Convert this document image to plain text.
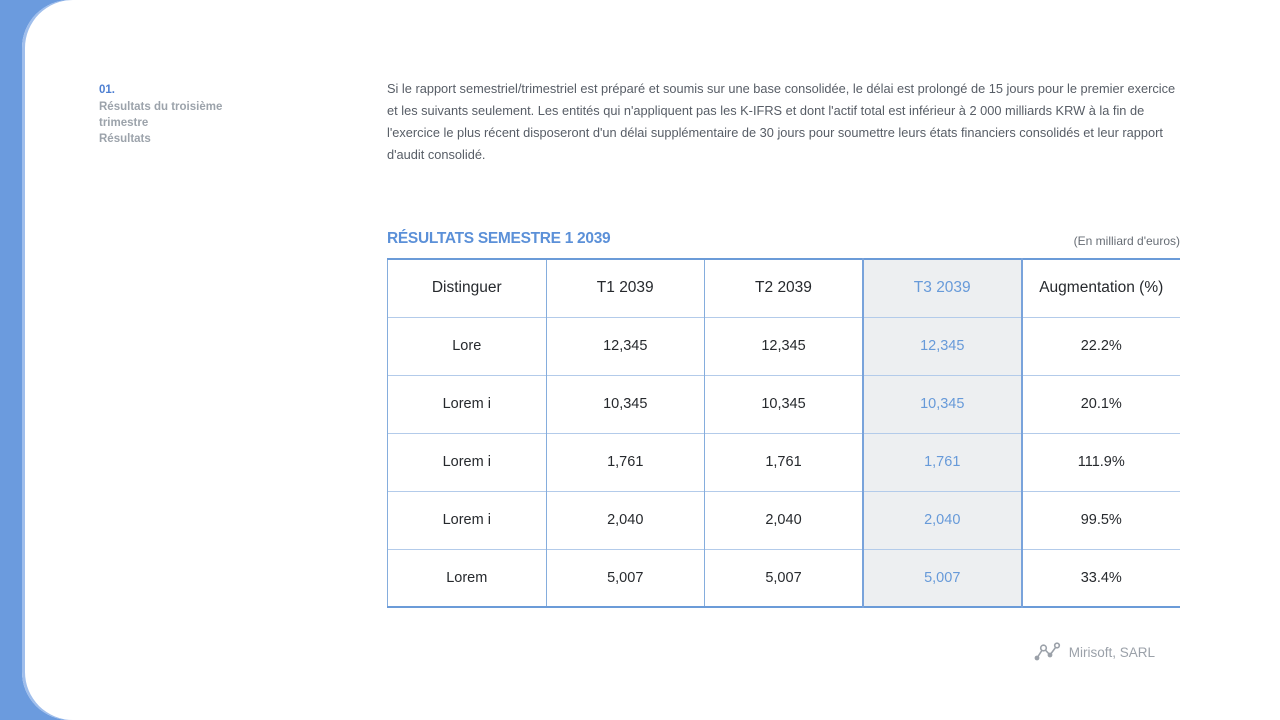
01.
Résultats du troisième
trimestre
Résultats

Si le rapport semestriel/trimestriel est préparé et soumis sur une base consolidée, le délai est prolongé de 15 jours pour le premier exercice et les suivants seulement. Les entités qui n'appliquent pas les K-IFRS et dont l'actif total est inférieur à 2 000 milliards KRW à la fin de l'exercice le plus récent disposeront d'un délai supplémentaire de 30 jours pour soumettre leurs états financiers consolidés et leur rapport d'audit consolidé.

RÉSULTATS SEMESTRE 1 2039	(En milliard d'euros)
Distinguer	T1 2039	T2 2039	T3 2039	Augmentation (%)
Lore	12,345	12,345	12,345	22.2%
Lorem i	10,345	10,345	10,345	20.1%
Lorem i	1,761	1,761	1,761	111.9%
Lorem i	2,040	2,040	2,040	99.5%
Lorem	5,007	5,007	5,007	33.4%
Mirisoft, SARL
